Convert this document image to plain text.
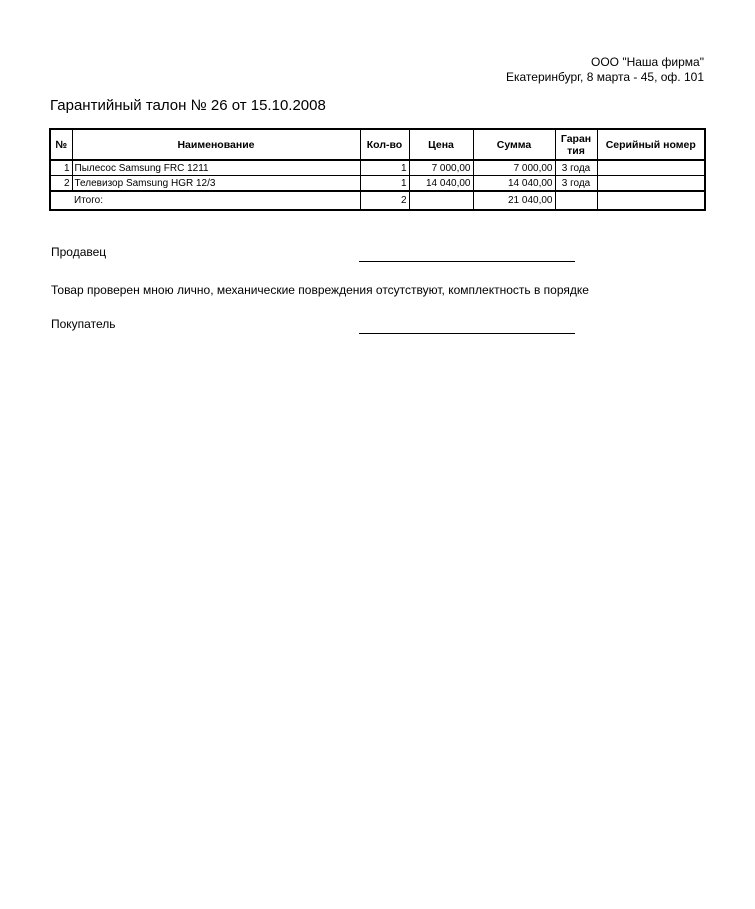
ООО "Наша фирма"
Екатеринбург, 8 марта - 45, оф. 101
Гарантийный талон № 26 от 15.10.2008
№	Наименование	Кол-во	Цена	Сумма	Гаран тия	Серийный номер
1	Пылесос Samsung FRC 1211	1	7 000,00	7 000,00	3 года	
2	Телевизор Samsung HGR 12/3	1	14 040,00	14 040,00	3 года	
	Итого:	2		21 040,00		
Продавец
Товар проверен мною лично, механические повреждения отсутствуют, комплектность в порядке
Покупатель
